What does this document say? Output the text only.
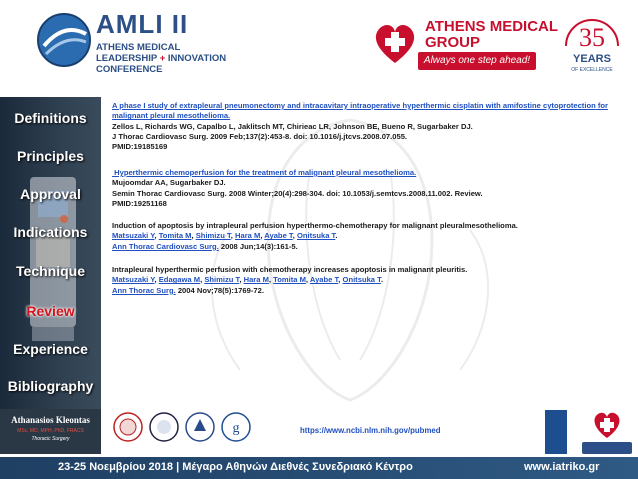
AMLI II
ATHENS MEDICAL
LEADERSHIP + INNOVATION
CONFERENCE
ATHENS MEDICAL
GROUP
Always one step ahead!
35
YEARS
OF EXCELLENCE
Definitions
Principles
Approval
Indications
Technique
Review
Experience
Bibliography
A phase I study of extrapleural pneumonectomy and intracavitary intraoperative hyperthermic cisplatin with amifostine cytoprotection for malignant pleural mesothelioma.
Zellos L, Richards WG, Capalbo L, Jaklitsch MT, Chirieac LR, Johnson BE, Bueno R, Sugarbaker DJ.
J Thorac Cardiovasc Surg. 2009 Feb;137(2):453-8. doi: 10.1016/j.jtcvs.2008.07.055.
PMID:19185169
Hyperthermic chemoperfusion for the treatment of malignant pleural mesothelioma.
Mujoomdar AA, Sugarbaker DJ.
Semin Thorac Cardiovasc Surg. 2008 Winter;20(4):298-304. doi: 10.1053/j.semtcvs.2008.11.002. Review.
PMID:19251168
Induction of apoptosis by intrapleural perfusion hyperthermo-chemotherapy for malignant pleuralmesothelioma.
Matsuzaki Y, Tomita M, Shimizu T, Hara M, Ayabe T, Onitsuka T.
Ann Thorac Cardiovasc Surg. 2008 Jun;14(3):161-5.
Intrapleural hyperthermic perfusion with chemotherapy increases apoptosis in malignant pleuritis.
Matsuzaki Y, Edagawa M, Shimizu T, Hara M, Tomita M, Ayabe T, Onitsuka T.
Ann Thorac Surg. 2004 Nov;78(5):1769-72.
https://www.ncbi.nlm.nih.gov/pubmed
Athanasios Kleontas
MSc, MD, MPH, PhD, FRACS
Thoracic Surgery
g
23-25 Νοεμβρίου 2018 | Μέγαρο Αθηνών Διεθνές Συνεδριακό Κέντρο	www.iatriko.gr
